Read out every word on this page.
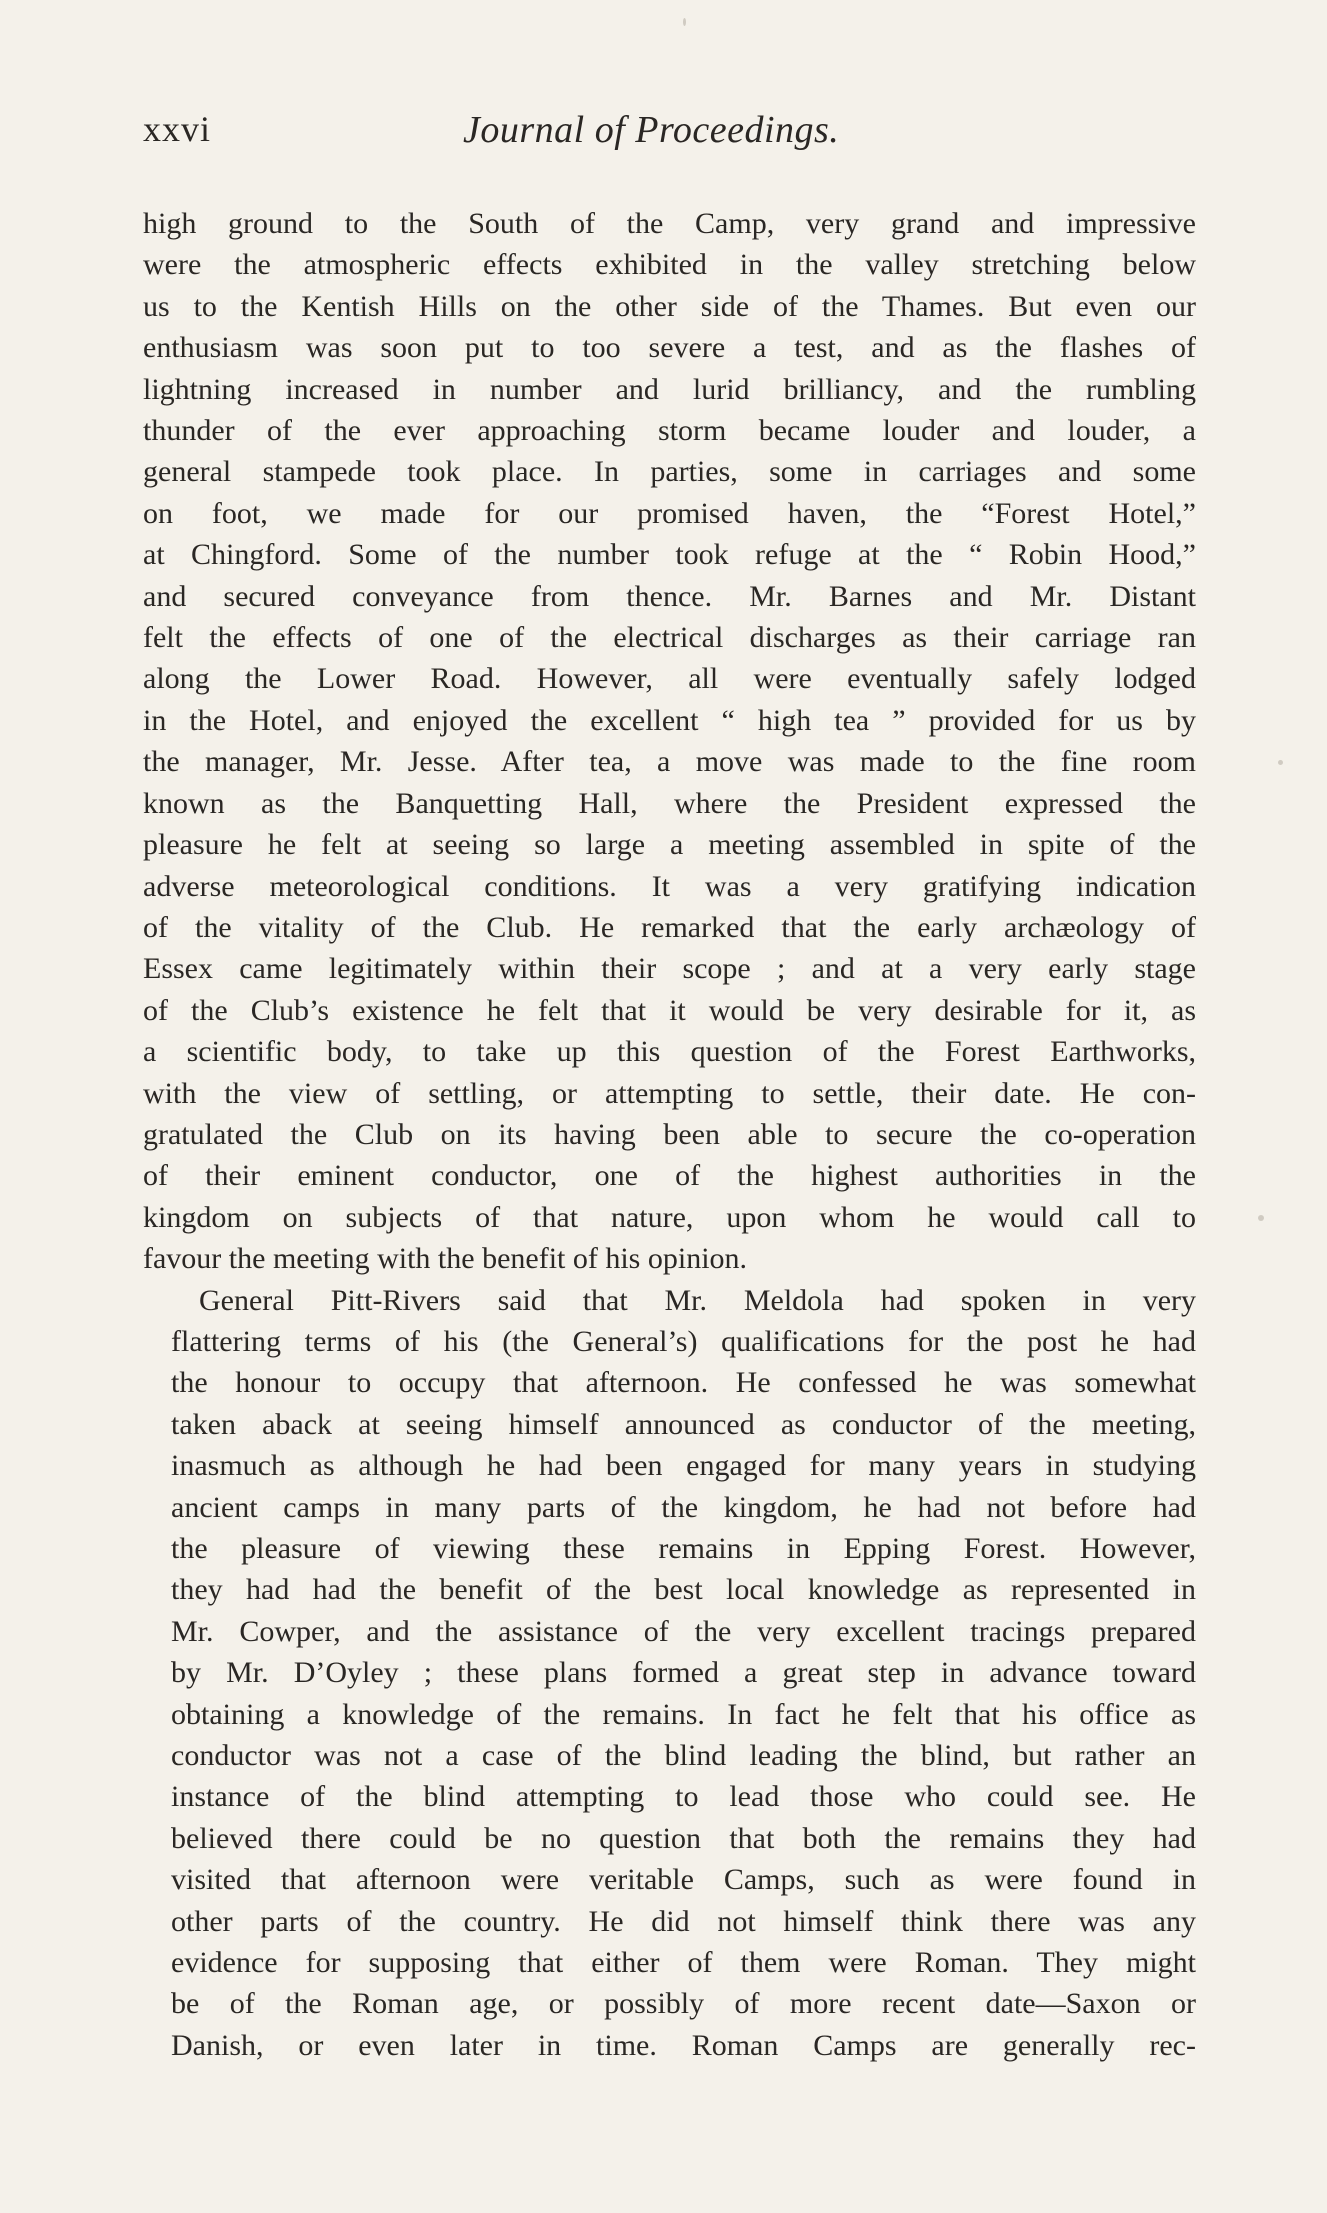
xxvi	Journal of Proceedings.
high ground to the South of the Camp, very grand and impressive
were the atmospheric effects exhibited in the valley stretching below
us to the Kentish Hills on the other side of the Thames. But even our
enthusiasm was soon put to too severe a test, and as the flashes of
lightning increased in number and lurid brilliancy, and the rumbling
thunder of the ever approaching storm became louder and louder, a
general stampede took place. In parties, some in carriages and some
on foot, we made for our promised haven, the “Forest Hotel,”
at Chingford. Some of the number took refuge at the “ Robin Hood,”
and secured conveyance from thence. Mr. Barnes and Mr. Distant
felt the effects of one of the electrical discharges as their carriage ran
along the Lower Road. However, all were eventually safely lodged
in the Hotel, and enjoyed the excellent “ high tea ” provided for us by
the manager, Mr. Jesse. After tea, a move was made to the fine room
known as the Banquetting Hall, where the President expressed the
pleasure he felt at seeing so large a meeting assembled in spite of the
adverse meteorological conditions. It was a very gratifying indication
of the vitality of the Club. He remarked that the early archæology of
Essex came legitimately within their scope ; and at a very early stage
of the Club’s existence he felt that it would be very desirable for it, as
a scientific body, to take up this question of the Forest Earthworks,
with the view of settling, or attempting to settle, their date. He con-
gratulated the Club on its having been able to secure the co-operation
of their eminent conductor, one of the highest authorities in the
kingdom on subjects of that nature, upon whom he would call to
favour the meeting with the benefit of his opinion.
General Pitt-Rivers said that Mr. Meldola had spoken in very
flattering terms of his (the General’s) qualifications for the post he had
the honour to occupy that afternoon. He confessed he was somewhat
taken aback at seeing himself announced as conductor of the meeting,
inasmuch as although he had been engaged for many years in studying
ancient camps in many parts of the kingdom, he had not before had
the pleasure of viewing these remains in Epping Forest. However,
they had had the benefit of the best local knowledge as represented in
Mr. Cowper, and the assistance of the very excellent tracings prepared
by Mr. D’Oyley ; these plans formed a great step in advance toward
obtaining a knowledge of the remains. In fact he felt that his office as
conductor was not a case of the blind leading the blind, but rather an
instance of the blind attempting to lead those who could see. He
believed there could be no question that both the remains they had
visited that afternoon were veritable Camps, such as were found in
other parts of the country. He did not himself think there was any
evidence for supposing that either of them were Roman. They might
be of the Roman age, or possibly of more recent date—Saxon or
Danish, or even later in time. Roman Camps are generally rec-
